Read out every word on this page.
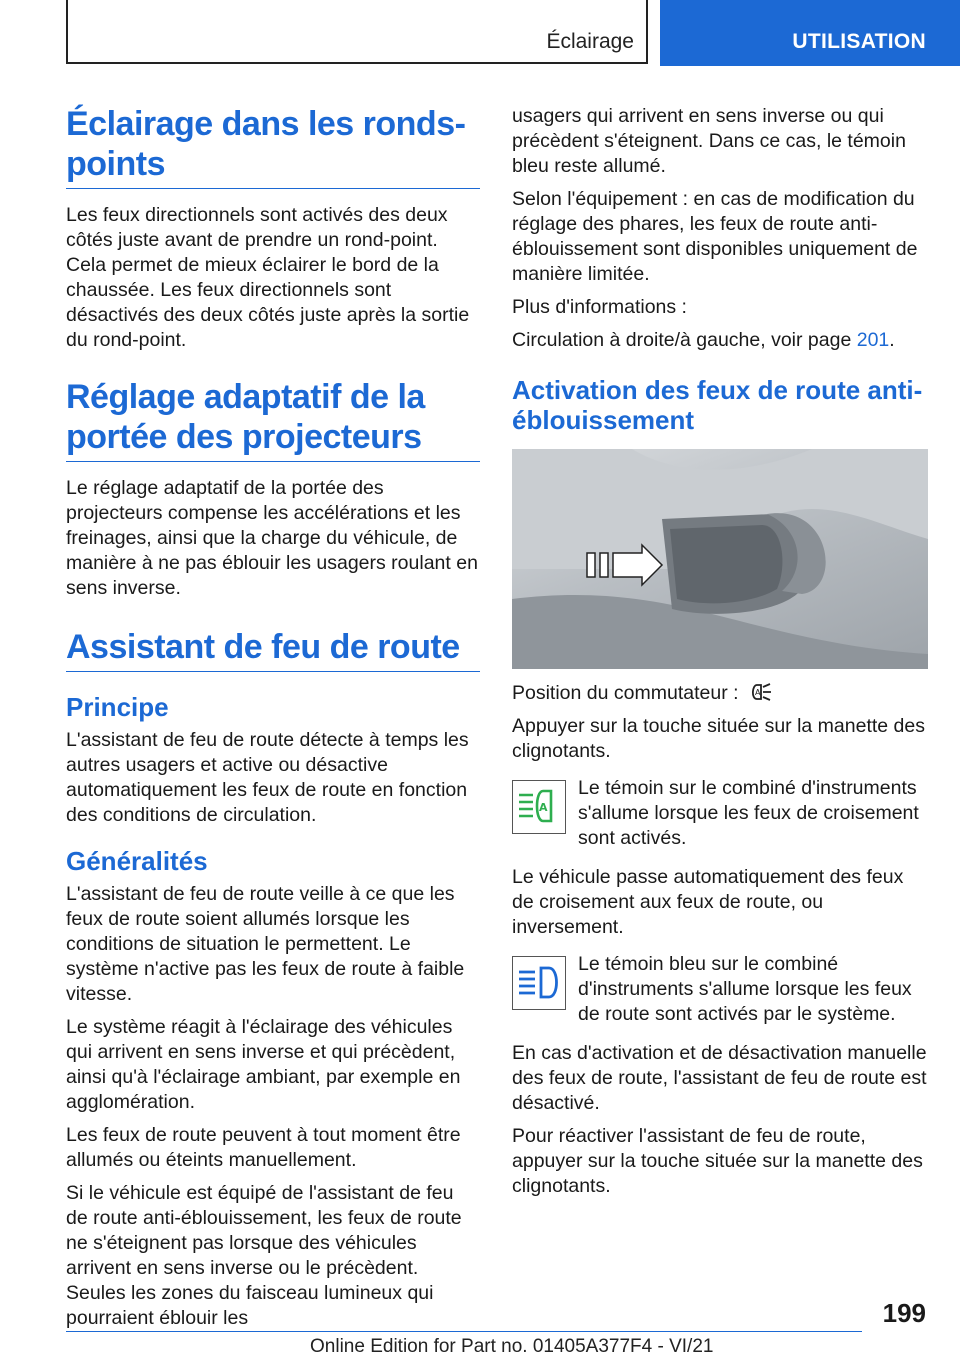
Éclairage	UTILISATION
Éclairage dans les ronds-points

Les feux directionnels sont activés des deux côtés juste avant de prendre un rond-point. Cela permet de mieux éclairer le bord de la chaussée. Les feux directionnels sont désactivés des deux côtés juste après la sortie du rond-point.

Réglage adaptatif de la portée des projecteurs

Le réglage adaptatif de la portée des projecteurs compense les accélérations et les freinages, ainsi que la charge du véhicule, de manière à ne pas éblouir les usagers roulant en sens inverse.

Assistant de feu de route
Principe

L'assistant de feu de route détecte à temps les autres usagers et active ou désactive automatiquement les feux de route en fonction des conditions de circulation.

Généralités

L'assistant de feu de route veille à ce que les feux de route soient allumés lorsque les conditions de situation le permettent. Le système n'active pas les feux de route à faible vitesse.

Le système réagit à l'éclairage des véhicules qui arrivent en sens inverse et qui précèdent, ainsi qu'à l'éclairage ambiant, par exemple en agglomération.

Les feux de route peuvent à tout moment être allumés ou éteints manuellement.

Si le véhicule est équipé de l'assistant de feu de route anti-éblouissement, les feux de route ne s'éteignent pas lorsque des véhicules arrivent en sens inverse ou le précèdent. Seules les zones du faisceau lumineux qui pourraient éblouir les

usagers qui arrivent en sens inverse ou qui précèdent s'éteignent. Dans ce cas, le témoin bleu reste allumé.

Selon l'équipement : en cas de modification du réglage des phares, les feux de route anti-éblouissement sont disponibles uniquement de manière limitée.

Plus d'informations :

Circulation à droite/à gauche, voir page 201.

Activation des feux de route anti-éblouissement

Position du commutateur : A

Appuyer sur la touche située sur la manette des clignotants.

A
Le témoin sur le combiné d'instruments s'allume lorsque les feux de croisement sont activés.

Le véhicule passe automatiquement des feux de croisement aux feux de route, ou inversement.

Le témoin bleu sur le combiné d'instruments s'allume lorsque les feux de route sont activés par le système.

En cas d'activation et de désactivation manuelle des feux de route, l'assistant de feu de route est désactivé.

Pour réactiver l'assistant de feu de route, appuyer sur la touche située sur la manette des clignotants.

199
Online Edition for Part no. 01405A377F4 - VI/21
